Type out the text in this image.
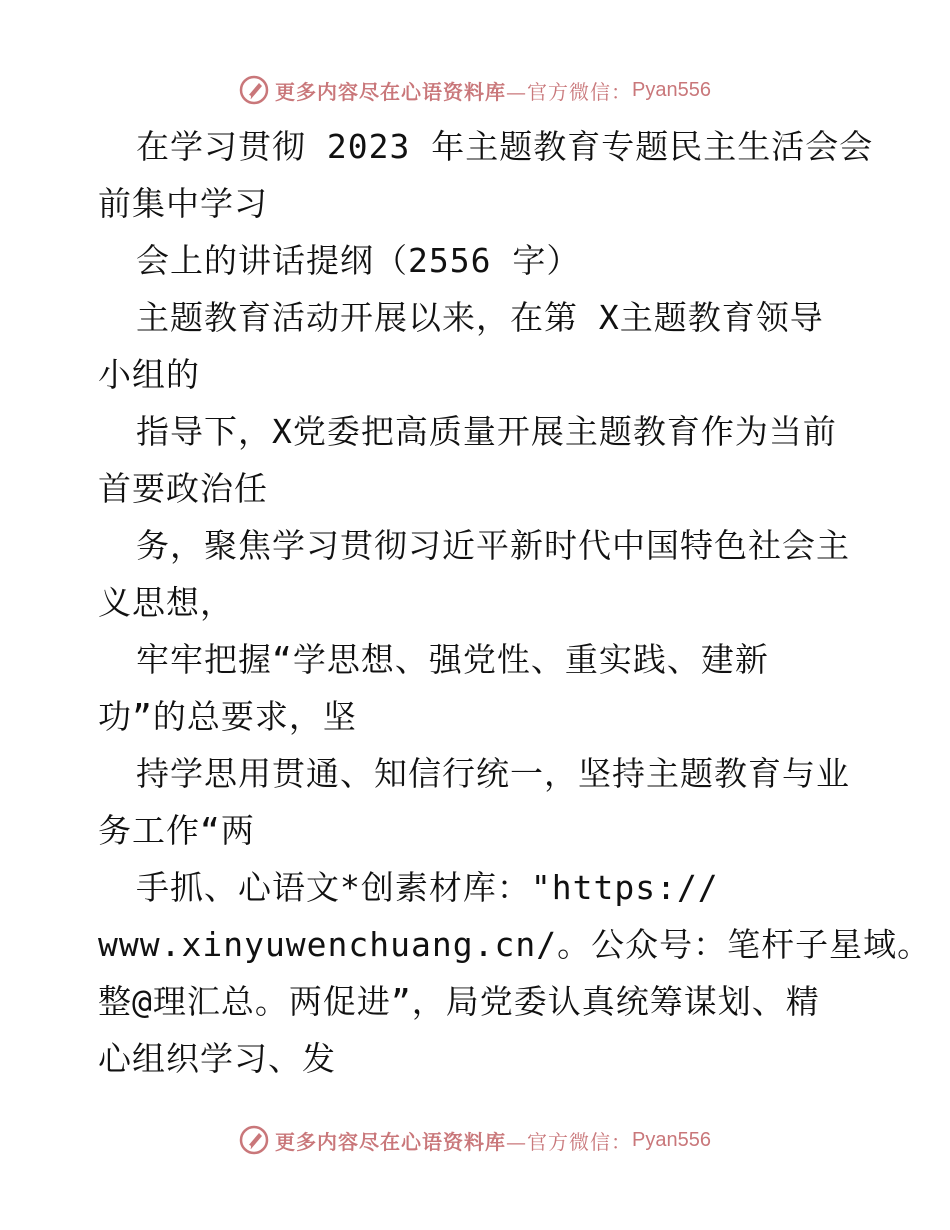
更多内容尽在心语资料库 —官方微信： Pyan556
在学习贯彻 2023 年主题教育专题民主生活会会
前集中学习
会上的讲话提纲（2556 字）
主题教育活动开展以来，在第 X主题教育领导
小组的
指导下，X党委把高质量开展主题教育作为当前
首要政治任
务，聚焦学习贯彻习近平新时代中国特色社会主
义思想，
牢牢把握“学思想、强党性、重实践、建新
功”的总要求，坚
持学思用贯通、知信行统一，坚持主题教育与业
务工作“两
手抓、心语文*创素材库："https://
www.xinyuwenchuang.cn/。公众号：笔杆子星域。
整@理汇总。两促进”，局党委认真统筹谋划、精
心组织学习、发
更多内容尽在心语资料库 —官方微信： Pyan556
